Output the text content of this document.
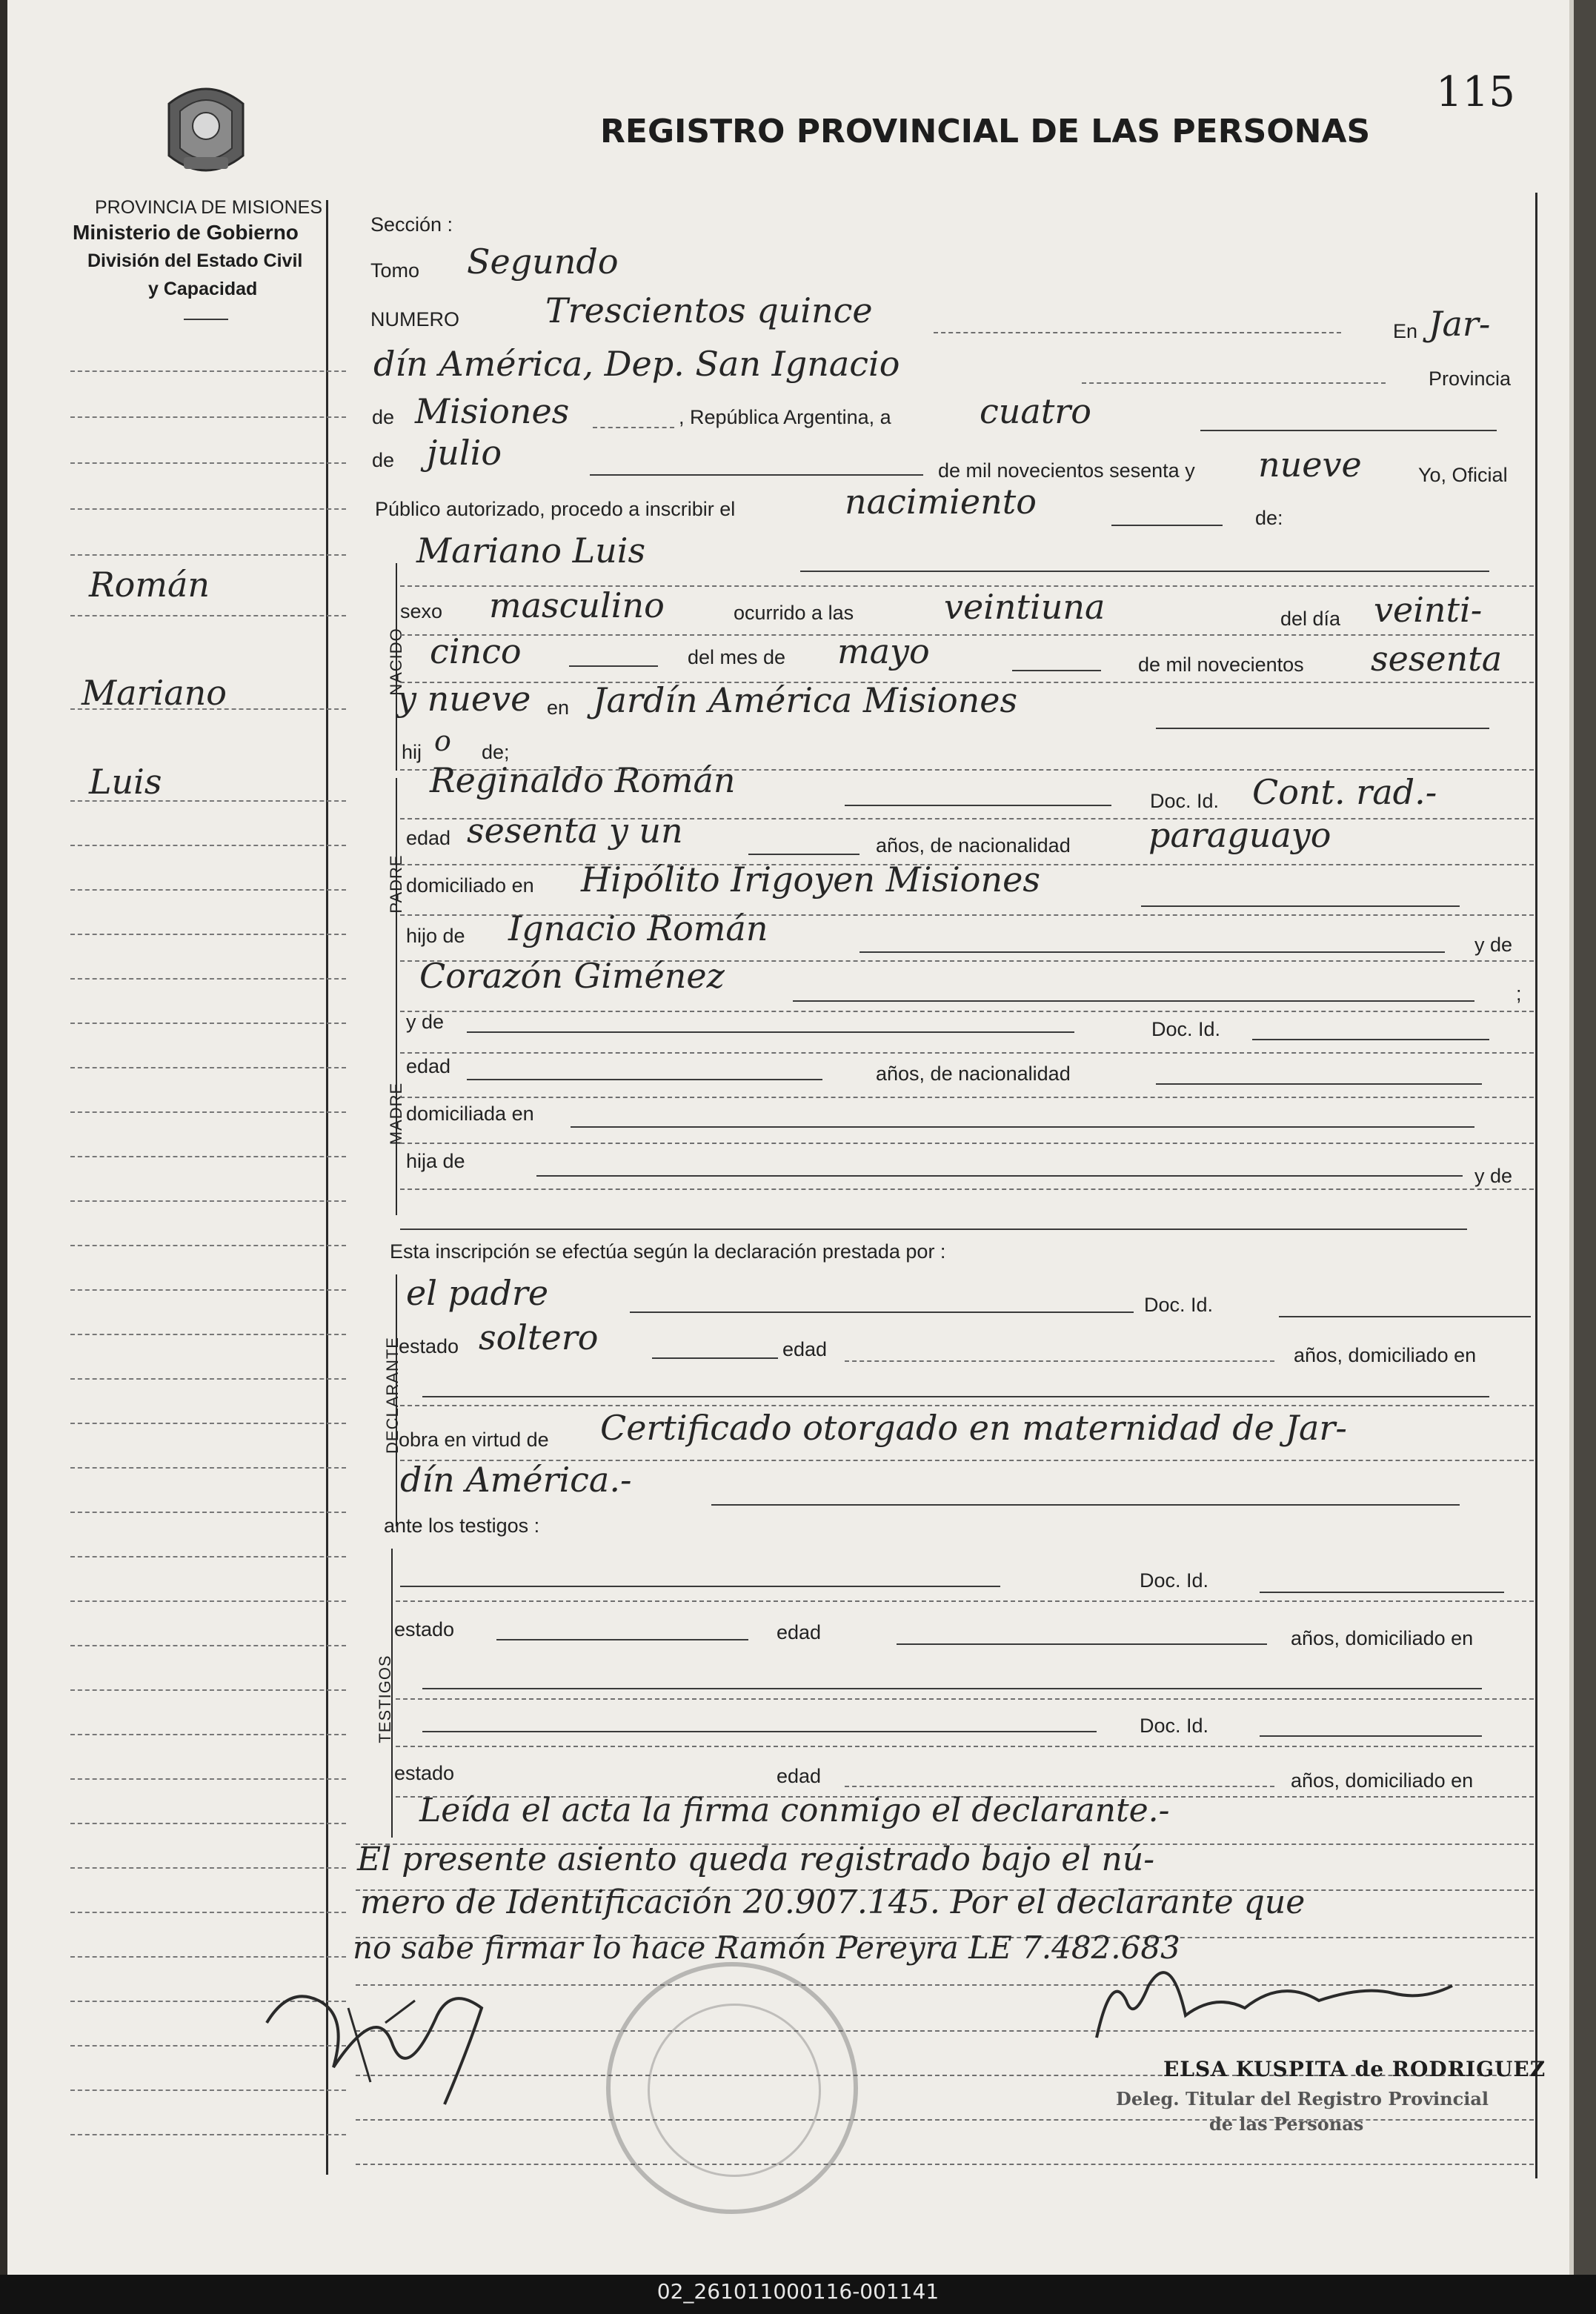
115
REGISTRO PROVINCIAL DE LAS PERSONAS
PROVINCIA DE MISIONES
Ministerio de Gobierno
División del Estado Civil
y Capacidad
Román
Mariano
Luis
Sección :
Tomo Segundo
NUMERO	Trescientos quince
En Jar-
dín América, Dep. San Ignacio	Provincia
de Misiones	, República Argentina, a	cuatro
de julio	de mil novecientos sesenta y nueve	Yo, Oficial
Público autorizado, procedo a inscribir el	nacimiento	de:
NACIDO
Mariano Luis
sexo masculino	ocurrido a las	veintiuna	del día veinti-
cinco	del mes de mayo	de mil novecientos sesenta
y nueve en Jardín América Misiones
hij o de;
PADRE
Reginaldo Román
Doc. Id. Cont. rad.-
edad sesenta y un	años, de nacionalidad paraguayo
domiciliado en Hipólito Irigoyen Misiones
hijo de Ignacio Román	y de
Corazón Giménez	;
MADRE
y de	Doc. Id.
edad	años, de nacionalidad
domiciliada en
hija de
y de
Esta inscripción se efectúa según la declaración prestada por :
DECLARANTE
el padre	Doc. Id.
estado soltero	edad	años, domiciliado en
obra en virtud de Certificado otorgado en maternidad de Jar-
dín América.-
ante los testigos :
TESTIGOS
Doc. Id.
estado	edad	años, domiciliado en
Doc. Id.
estado	edad	años, domiciliado en
Leída el acta la firma conmigo el declarante.-
El presente asiento queda registrado bajo el nú-
mero de Identificación 20.907.145. Por el declarante que
no sabe firmar lo hace Ramón Pereyra LE 7.482.683
ELSA KUSPITA de RODRIGUEZ
Deleg. Titular del Registro Provincial
de las Personas
02_261011000116-001141
